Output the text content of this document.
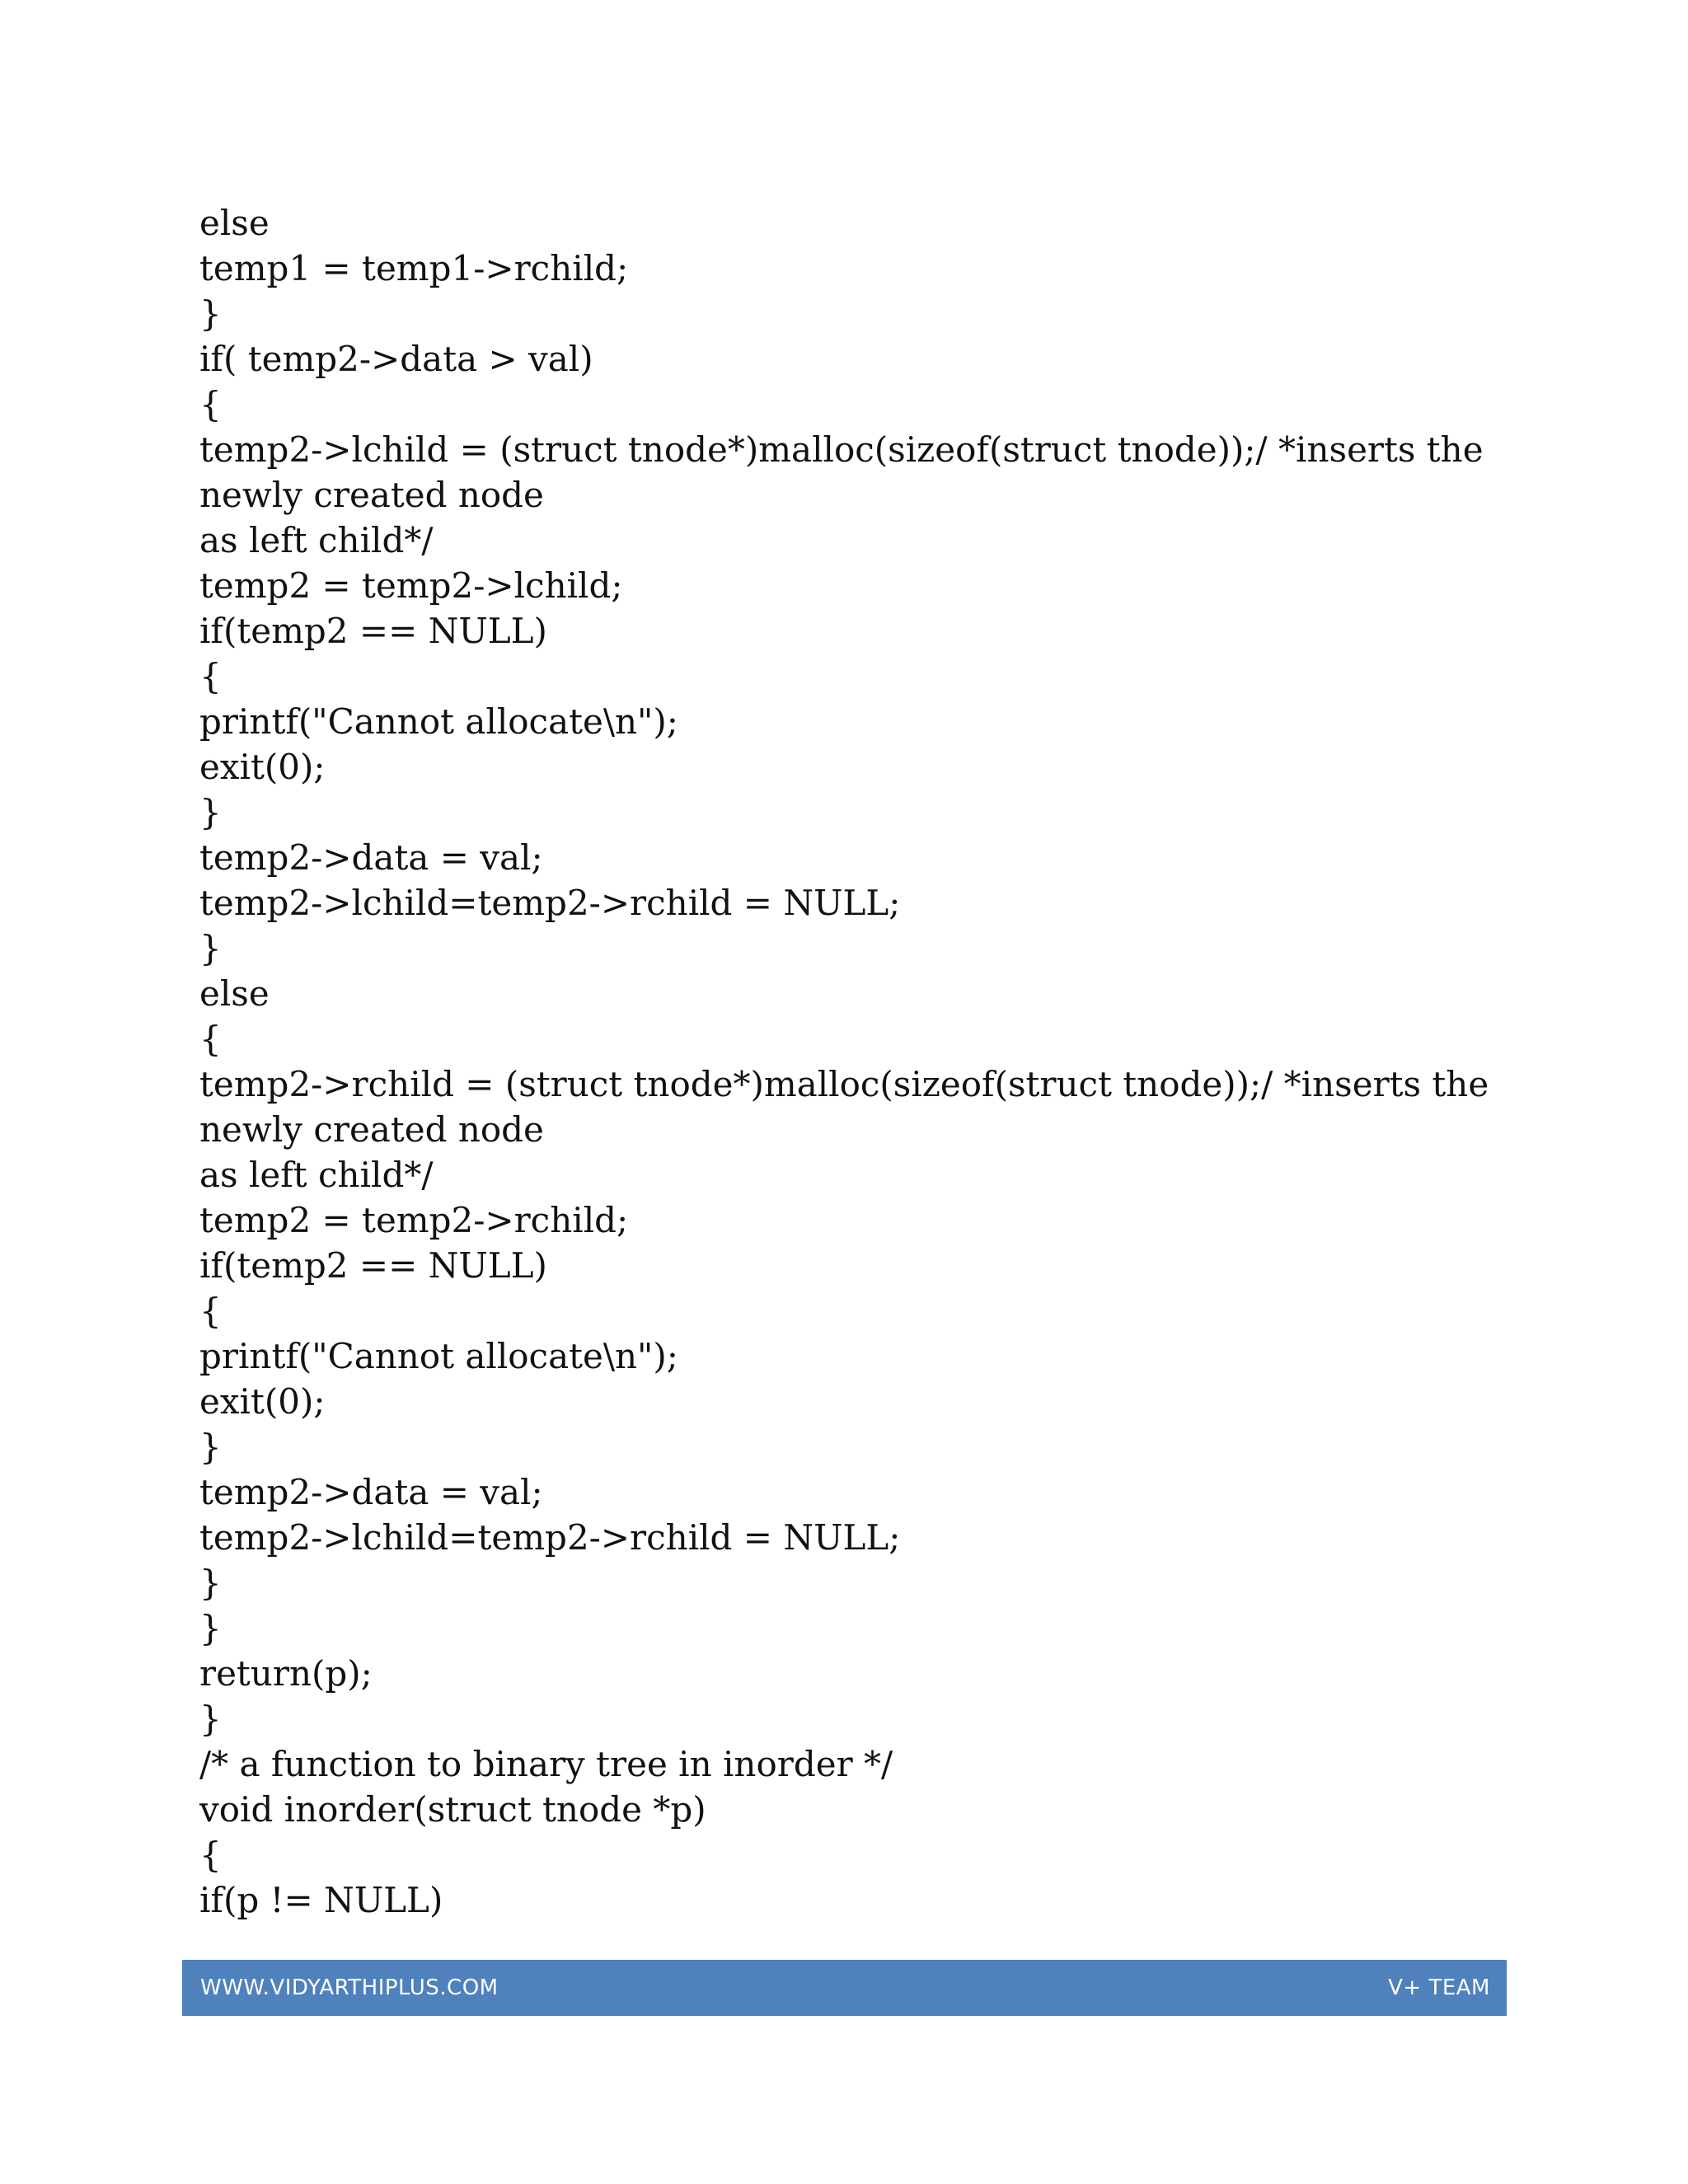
else
temp1 = temp1->rchild;
}
if( temp2->data > val)
{
temp2->lchild = (struct tnode*)malloc(sizeof(struct tnode));/ *inserts the
newly created node
as left child*/
temp2 = temp2->lchild;
if(temp2 == NULL)
{
printf("Cannot allocate\n");
exit(0);
}
temp2->data = val;
temp2->lchild=temp2->rchild = NULL;
}
else
{
temp2->rchild = (struct tnode*)malloc(sizeof(struct tnode));/ *inserts the
newly created node
as left child*/
temp2 = temp2->rchild;
if(temp2 == NULL)
{
printf("Cannot allocate\n");
exit(0);
}
temp2->data = val;
temp2->lchild=temp2->rchild = NULL;
}
}
return(p);
}
/* a function to binary tree in inorder */
void inorder(struct tnode *p)
{
if(p != NULL)
WWW.VIDYARTHIPLUS.COM	V+ TEAM
